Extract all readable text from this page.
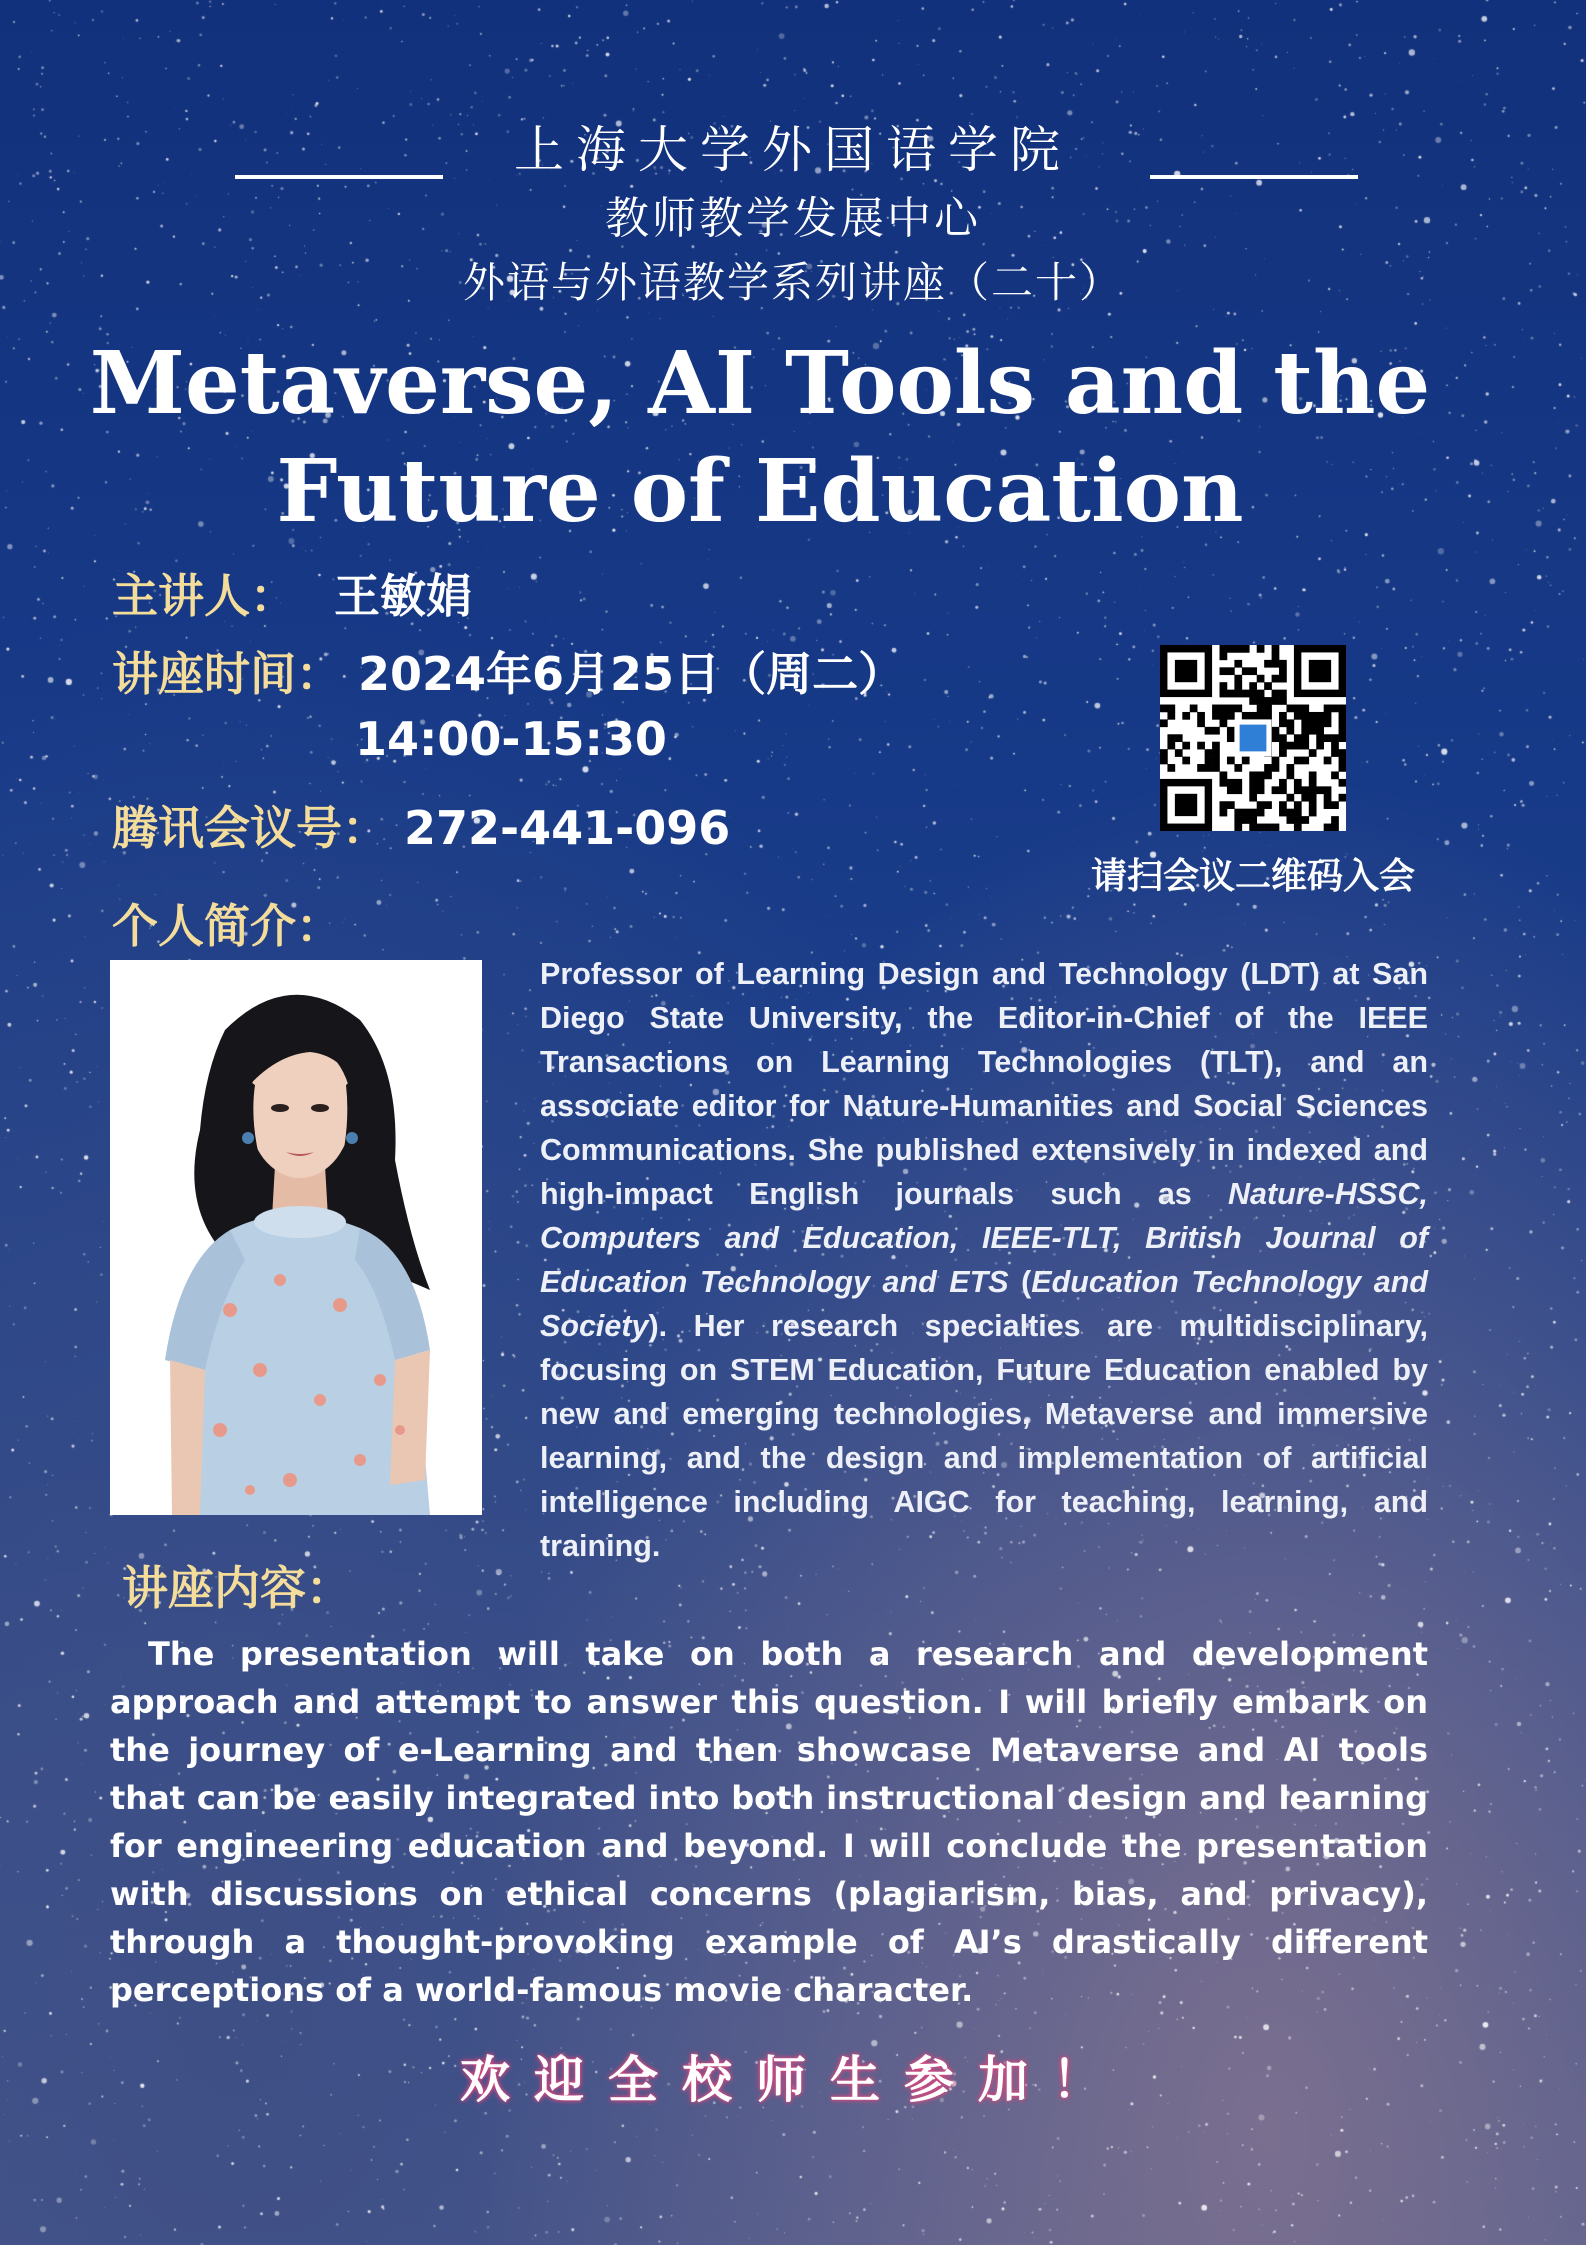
上海大学外国语学院
教师教学发展中心
外语与外语教学系列讲座（二十）
Metaverse, AI Tools and the
Future of Education
主讲人： 王敏娟
讲座时间： 2024年6月25日（周二）
14:00-15:30
腾讯会议号： 272-441-096
请扫会议二维码入会
个人简介：
Professor of Learning Design and Technology (LDT) at San Diego State University, the Editor-in-Chief of the IEEE Transactions on Learning Technologies (TLT), and an associate editor for Nature-Humanities and Social Sciences Communications. She published extensively in indexed and high-impact English journals such as Nature-HSSC, Computers and Education, IEEE-TLT, British Journal of Education Technology and ETS (Education Technology and Society). Her research specialties are multidisciplinary, focusing on STEM Education, Future Education enabled by new and emerging technologies, Metaverse and immersive learning, and the design and implementation of artificial intelligence including AIGC for teaching, learning, and training.
讲座内容：
The presentation will take on both a research and development approach and attempt to answer this question. I will briefly embark on the journey of e-Learning and then showcase Metaverse and AI tools that can be easily integrated into both instructional design and learning for engineering education and beyond. I will conclude the presentation with discussions on ethical concerns (plagiarism, bias, and privacy), through a thought-provoking example of AI’s drastically different perceptions of a world-famous movie character.
欢迎全校师生参加！
